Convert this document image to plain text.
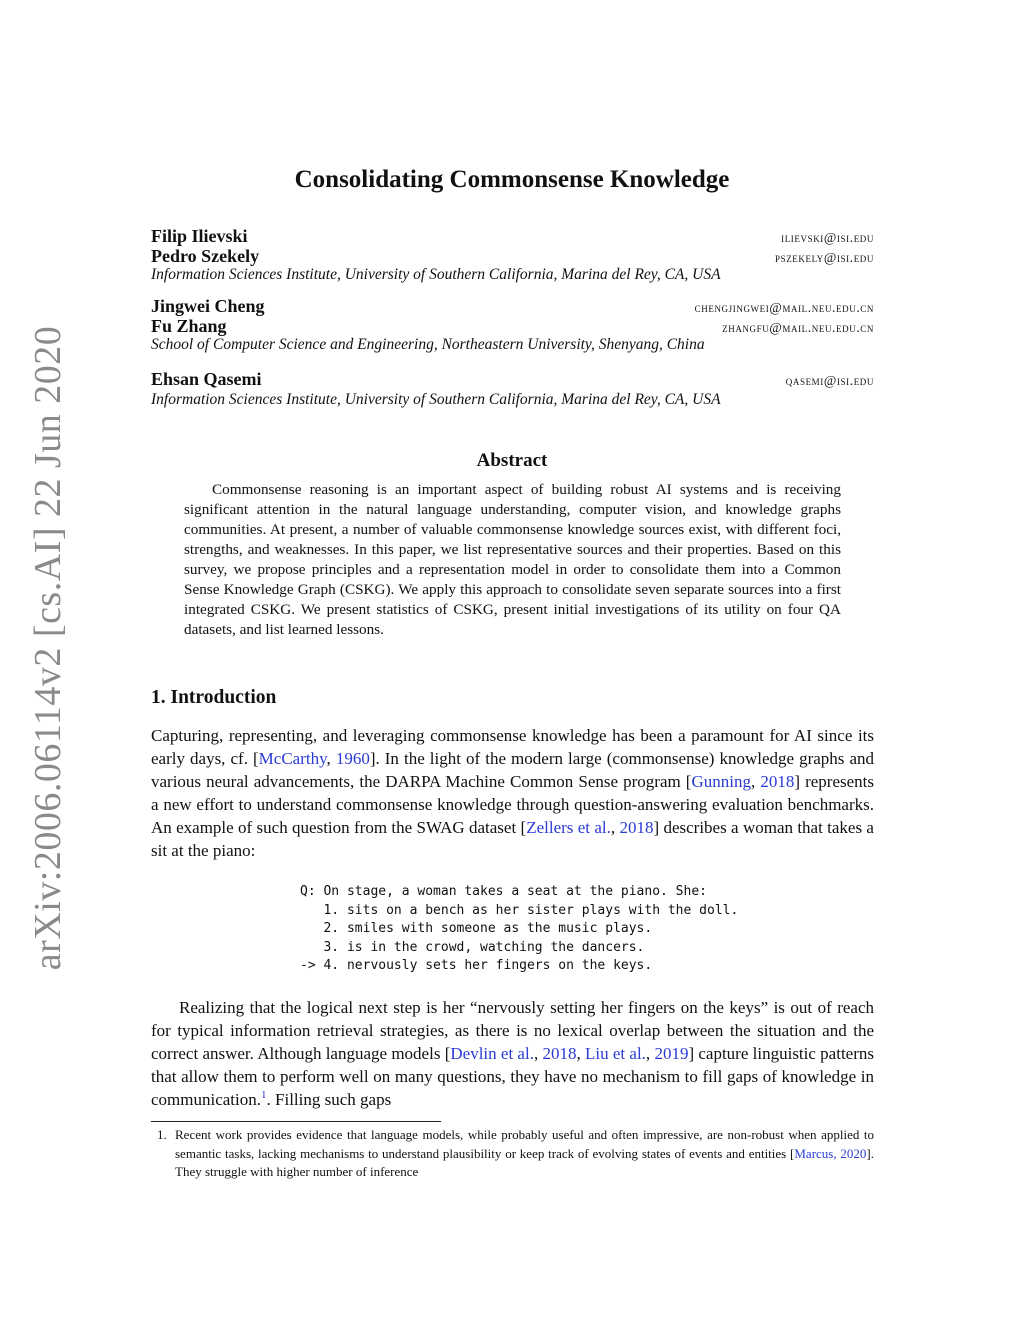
arXiv:2006.06114v2 [cs.AI] 22 Jun 2020
Consolidating Commonsense Knowledge
Filip Ilievski	ilievski@isi.edu
Pedro Szekely	pszekely@isi.edu
Information Sciences Institute, University of Southern California, Marina del Rey, CA, USA
Jingwei Cheng	chengjingwei@mail.neu.edu.cn
Fu Zhang	zhangfu@mail.neu.edu.cn
School of Computer Science and Engineering, Northeastern University, Shenyang, China
Ehsan Qasemi	qasemi@isi.edu
Information Sciences Institute, University of Southern California, Marina del Rey, CA, USA
Abstract
Commonsense reasoning is an important aspect of building robust AI systems and is receiving significant attention in the natural language understanding, computer vision, and knowledge graphs communities. At present, a number of valuable commonsense knowledge sources exist, with different foci, strengths, and weaknesses. In this paper, we list representative sources and their properties. Based on this survey, we propose principles and a representation model in order to consolidate them into a Common Sense Knowledge Graph (CSKG). We apply this approach to consolidate seven separate sources into a first integrated CSKG. We present statistics of CSKG, present initial investigations of its utility on four QA datasets, and list learned lessons.
1. Introduction
Capturing, representing, and leveraging commonsense knowledge has been a paramount for AI since its early days, cf. [McCarthy, 1960]. In the light of the modern large (commonsense) knowledge graphs and various neural advancements, the DARPA Machine Common Sense program [Gunning, 2018] represents a new effort to understand commonsense knowledge through question-answering evaluation benchmarks. An example of such question from the SWAG dataset [Zellers et al., 2018] describes a woman that takes a sit at the piano:
Q: On stage, a woman takes a seat at the piano. She:
1. sits on a bench as her sister plays with the doll.
2. smiles with someone as the music plays.
3. is in the crowd, watching the dancers.
-> 4. nervously sets her fingers on the keys.
Realizing that the logical next step is her “nervously setting her fingers on the keys” is out of reach for typical information retrieval strategies, as there is no lexical overlap between the situation and the correct answer. Although language models [Devlin et al., 2018, Liu et al., 2019] capture linguistic patterns that allow them to perform well on many questions, they have no mechanism to fill gaps of knowledge in communication.$^1$. Filling such gaps
1. Recent work provides evidence that language models, while probably useful and often impressive, are non-robust when applied to semantic tasks, lacking mechanisms to understand plausibility or keep track of evolving states of events and entities [Marcus, 2020]. They struggle with higher number of inference
